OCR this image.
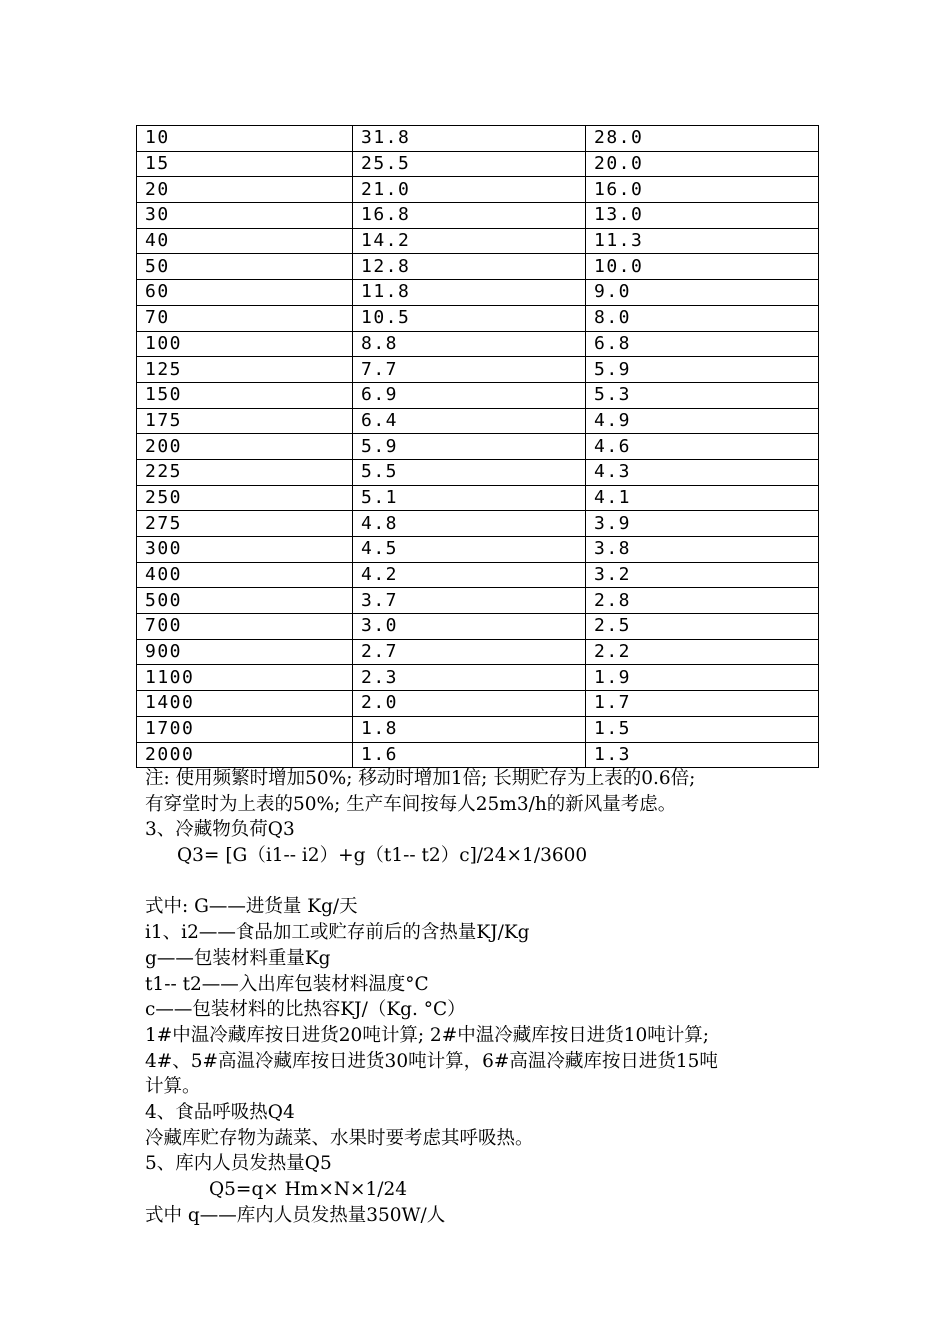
10	31.8	28.0
15	25.5	20.0
20	21.0	16.0
30	16.8	13.0
40	14.2	11.3
50	12.8	10.0
60	11.8	9.0
70	10.5	8.0
100	8.8	6.8
125	7.7	5.9
150	6.9	5.3
175	6.4	4.9
200	5.9	4.6
225	5.5	4.3
250	5.1	4.1
275	4.8	3.9
300	4.5	3.8
400	4.2	3.2
500	3.7	2.8
700	3.0	2.5
900	2.7	2.2
1100	2.3	1.9
1400	2.0	1.7
1700	1.8	1.5
2000	1.6	1.3
注: 使用频繁时增加50%; 移动时增加1倍; 长期贮存为上表的0.6倍;
有穿堂时为上表的50%; 生产车间按每人25m3/h的新风量考虑。
3、冷藏物负荷Q3
Q3= [G（i1-- i2）+g（t1-- t2）c]/24×1/3600
式中: G——进货量 Kg/天
i1、i2——食品加工或贮存前后的含热量KJ/Kg
g——包装材料重量Kg
t1-- t2——入出库包装材料温度°C
c——包装材料的比热容KJ/（Kg. °C）
1#中温冷藏库按日进货20吨计算; 2#中温冷藏库按日进货10吨计算;
4#、5#高温冷藏库按日进货30吨计算，6#高温冷藏库按日进货15吨
计算。
4、食品呼吸热Q4
冷藏库贮存物为蔬菜、水果时要考虑其呼吸热。
5、库内人员发热量Q5
Q5=q× Hm×N×1/24
式中 q——库内人员发热量350W/人
